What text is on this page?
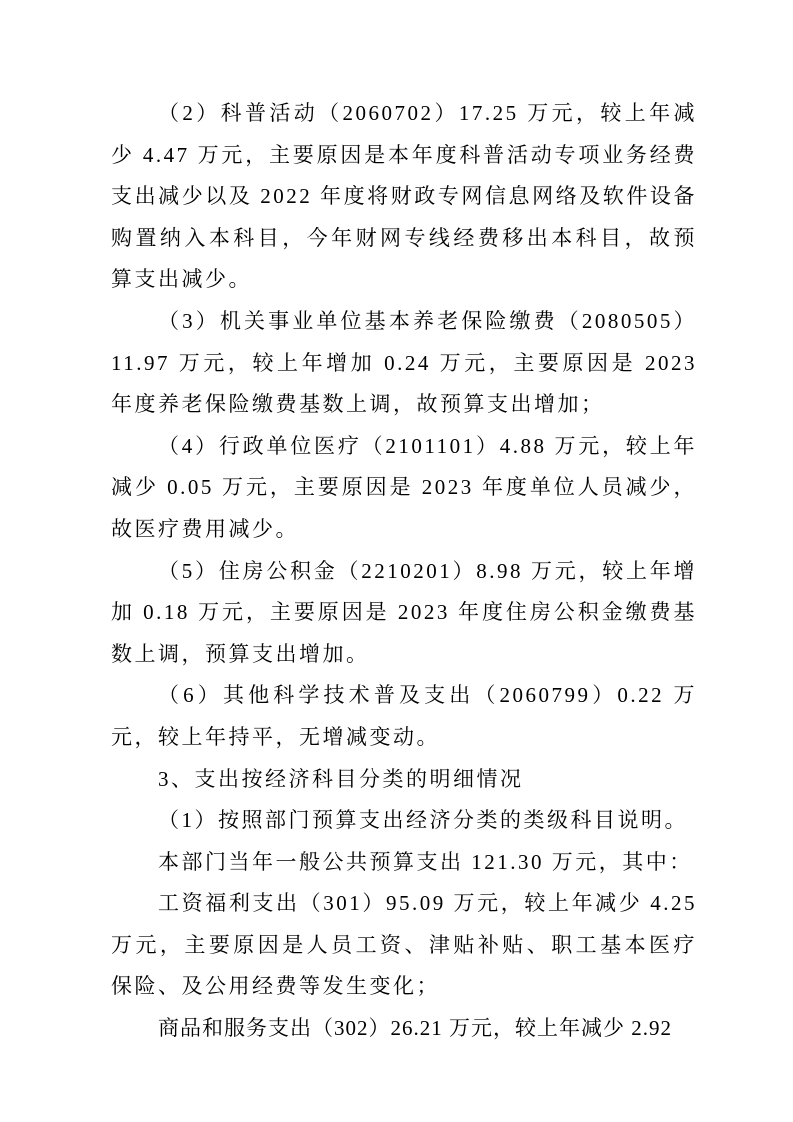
（2）科普活动（2060702）17.25 万元，较上年减少 4.47 万元，主要原因是本年度科普活动专项业务经费支出减少以及 2022 年度将财政专网信息网络及软件设备购置纳入本科目，今年财网专线经费移出本科目，故预算支出减少。

（3）机关事业单位基本养老保险缴费（2080505）11.97 万元，较上年增加 0.24 万元，主要原因是 2023 年度养老保险缴费基数上调，故预算支出增加；

（4）行政单位医疗（2101101）4.88 万元，较上年减少 0.05 万元，主要原因是 2023 年度单位人员减少，故医疗费用减少。

（5）住房公积金（2210201）8.98 万元，较上年增加 0.18 万元，主要原因是 2023 年度住房公积金缴费基数上调，预算支出增加。

（6）其他科学技术普及支出（2060799）0.22 万元，较上年持平，无增减变动。

3、支出按经济科目分类的明细情况

（1）按照部门预算支出经济分类的类级科目说明。

本部门当年一般公共预算支出 121.30 万元，其中：

工资福利支出（301）95.09 万元，较上年减少 4.25 万元，主要原因是人员工资、津贴补贴、职工基本医疗保险、及公用经费等发生变化；

商品和服务支出（302）26.21 万元，较上年减少 2.92
